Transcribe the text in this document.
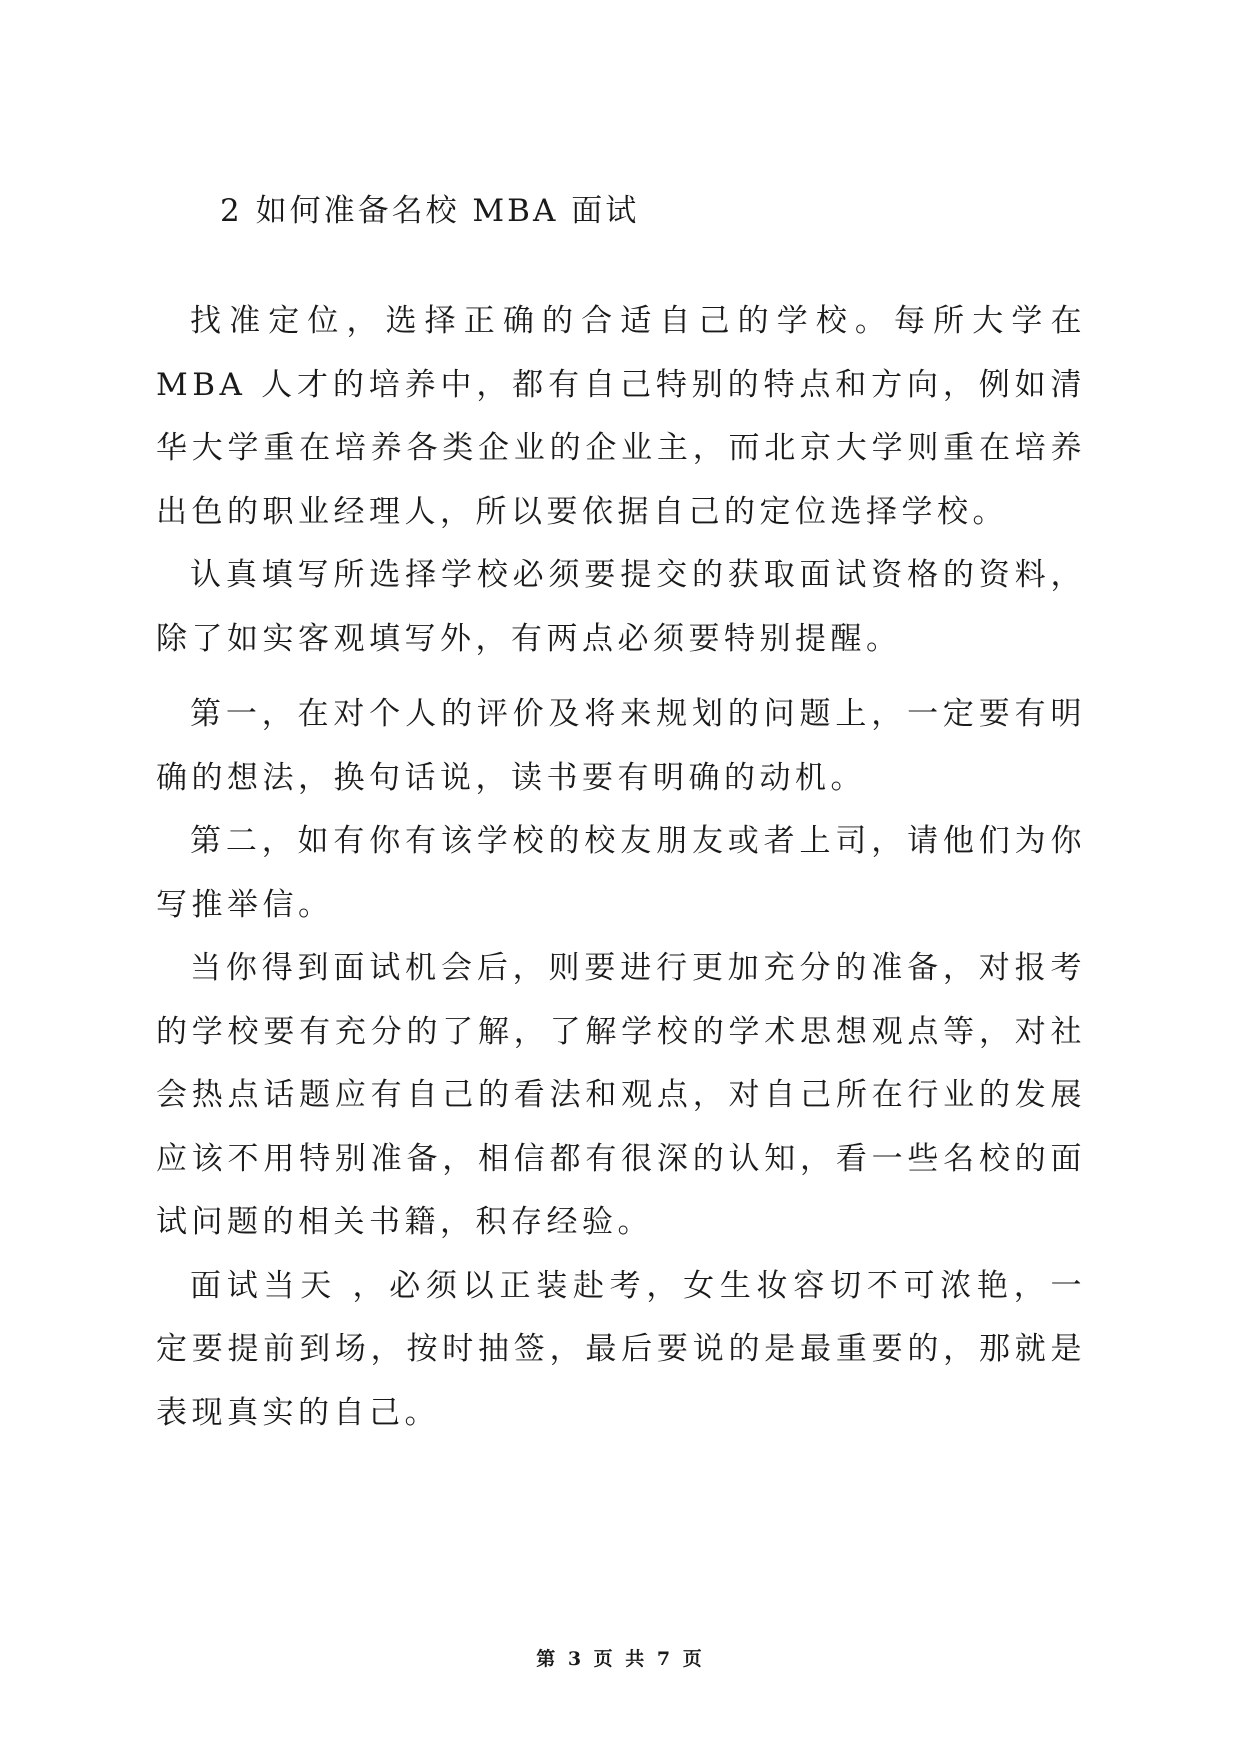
2 如何准备名校 MBA 面试

找准定位，选择正确的合适自己的学校。每所大学在 MBA 人才的培养中，都有自己特别的特点和方向，例如清华大学重在培养各类企业的企业主，而北京大学则重在培养出色的职业经理人，所以要依据自己的定位选择学校。

认真填写所选择学校必须要提交的获取面试资格的资料，除了如实客观填写外，有两点必须要特别提醒。

第一，在对个人的评价及将来规划的问题上，一定要有明确的想法，换句话说，读书要有明确的动机。

第二，如有你有该学校的校友朋友或者上司，请他们为你写推举信。

当你得到面试机会后，则要进行更加充分的准备，对报考的学校要有充分的了解，了解学校的学术思想观点等，对社会热点话题应有自己的看法和观点，对自己所在行业的发展应该不用特别准备，相信都有很深的认知，看一些名校的面试问题的相关书籍，积存经验。

面试当天 ，必须以正装赴考，女生妆容切不可浓艳，一定要提前到场，按时抽签，最后要说的是最重要的，那就是表现真实的自己。

第 3 页 共 7 页
